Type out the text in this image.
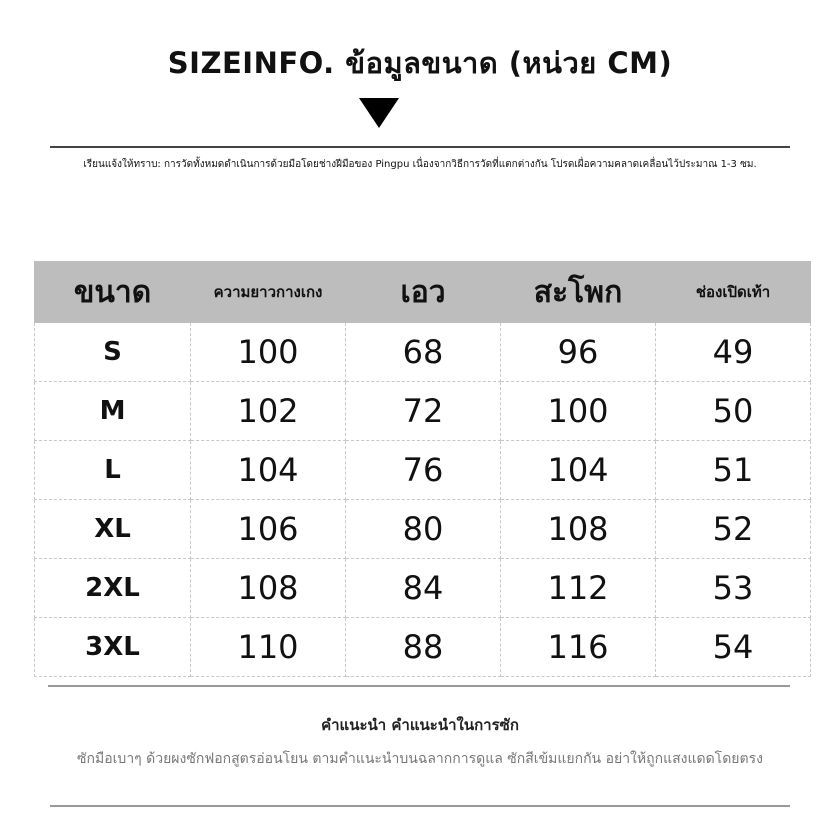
SIZEINFO. ข้อมูลขนาด (หน่วย CM)
เรียนแจ้งให้ทราบ: การวัดทั้งหมดดำเนินการด้วยมือโดยช่างฝีมือของ Pingpu เนื่องจากวิธีการวัดที่แตกต่างกัน โปรดเผื่อความคลาดเคลื่อนไว้ประมาณ 1-3 ซม.
ขนาด	ความยาวกางเกง	เอว	สะโพก	ช่องเปิดเท้า
S	100	68	96	49
M	102	72	100	50
L	104	76	104	51
XL	106	80	108	52
2XL	108	84	112	53
3XL	110	88	116	54
คำแนะนำ คำแนะนำในการซัก
ซักมือเบาๆ ด้วยผงซักฟอกสูตรอ่อนโยน ตามคำแนะนำบนฉลากการดูแล ซักสีเข้มแยกกัน อย่าให้ถูกแสงแดดโดยตรง
